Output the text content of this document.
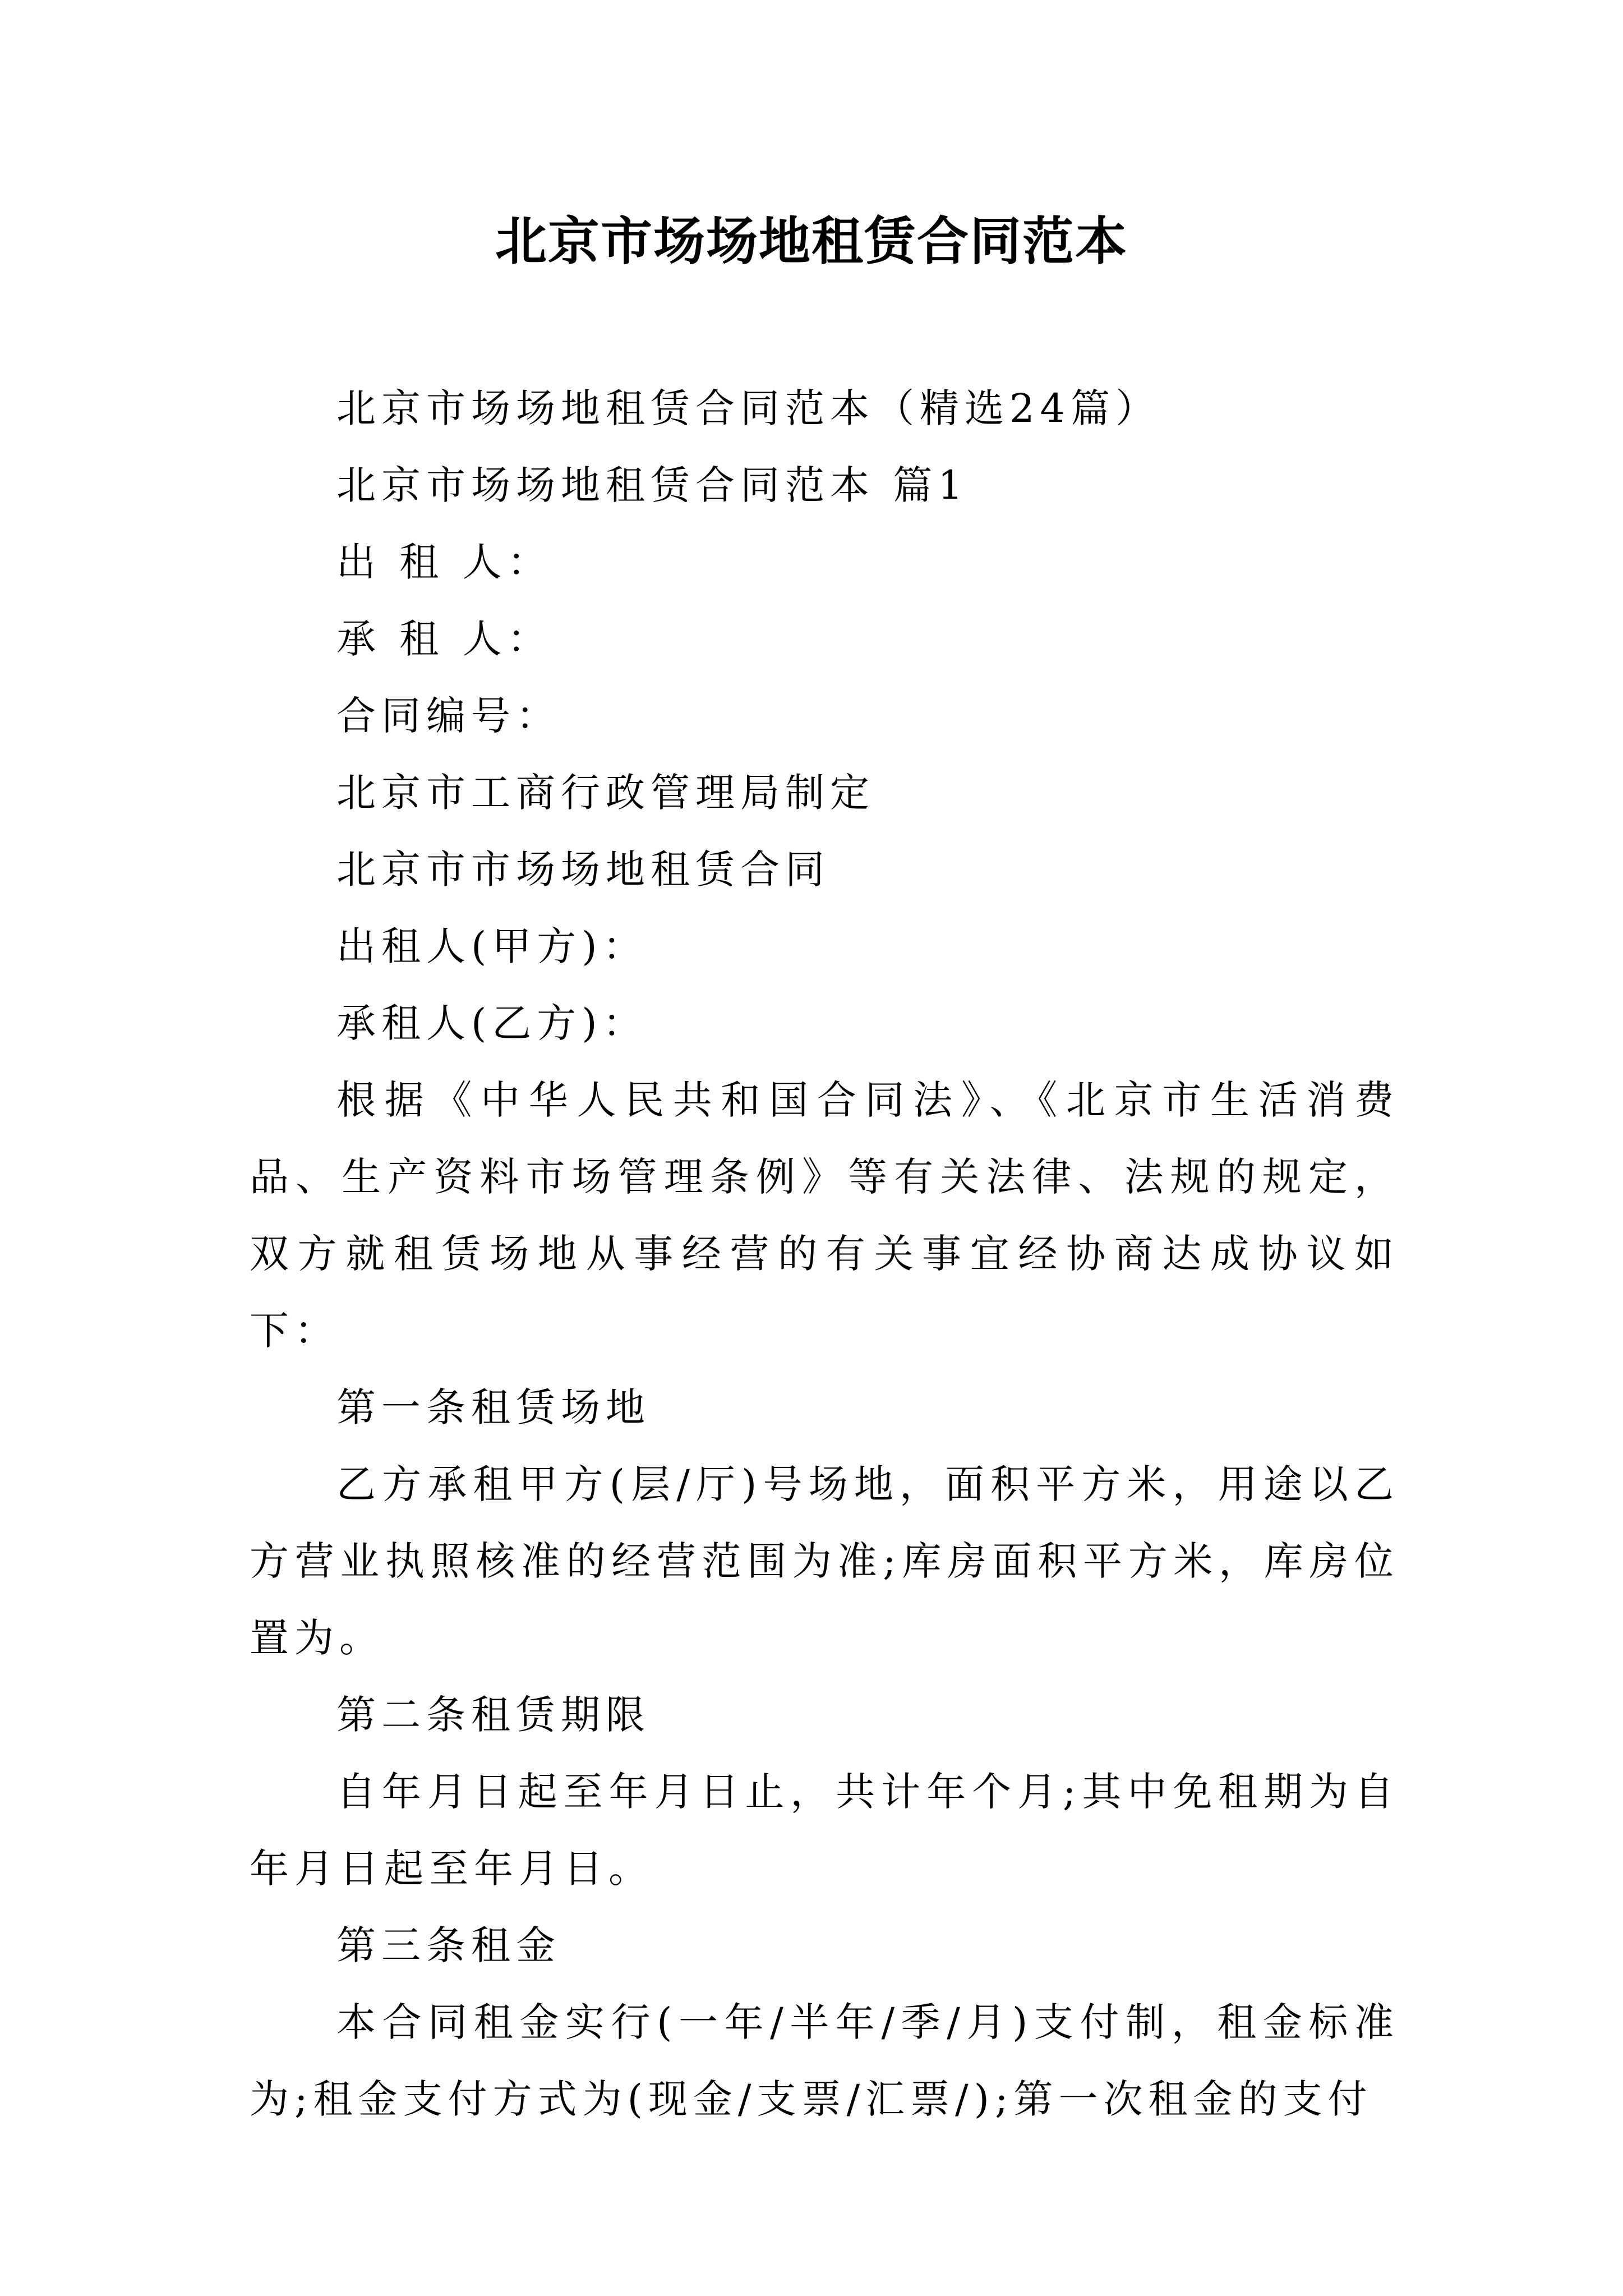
北京市场场地租赁合同范本

北京市场场地租赁合同范本（精选24篇）

北京市场场地租赁合同范本 篇1

出 租 人：

承 租 人：

合同编号：

北京市工商行政管理局制定

北京市市场场地租赁合同

出租人(甲方)：

承租人(乙方)：

根据《中华人民共和国合同法》、《北京市生活消费品、生产资料市场管理条例》等有关法律、法规的规定，双方就租赁场地从事经营的有关事宜经协商达成协议如下：

第一条租赁场地

乙方承租甲方(层/厅)号场地，面积平方米，用途以乙方营业执照核准的经营范围为准;库房面积平方米，库房位置为。

第二条租赁期限

自年月日起至年月日止，共计年个月;其中免租期为自年月日起至年月日。

第三条租金

本合同租金实行(一年/半年/季/月)支付制，租金标准为;租金支付方式为(现金/支票/汇票/);第一次租金的支付
